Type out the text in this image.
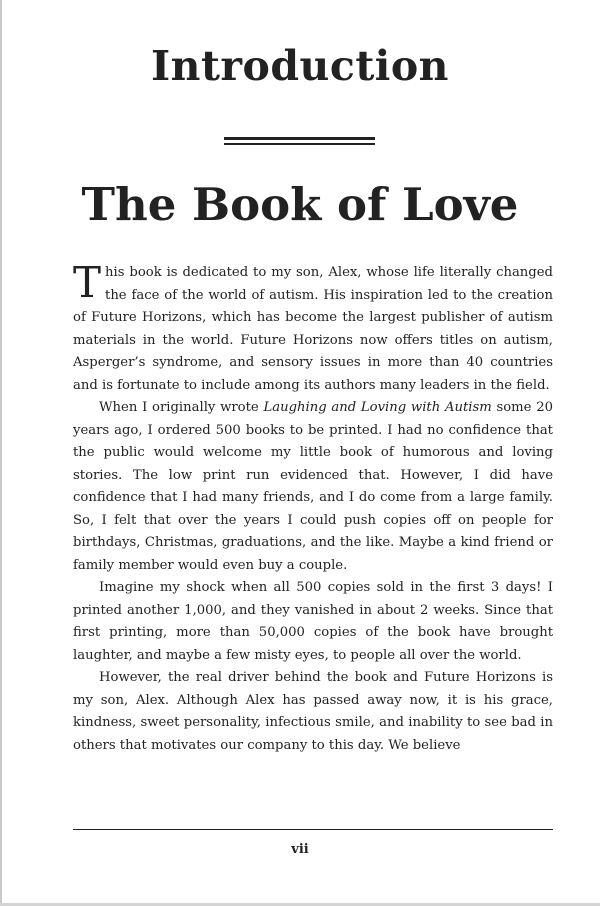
Introduction
The Book of Love

This book is dedicated to my son, Alex, whose life literally changed the face of the world of autism. His inspiration led to the creation of Future Horizons, which has become the largest publisher of autism materials in the world. Future Horizons now offers titles on autism, Asperger’s syndrome, and sensory issues in more than 40 countries and is fortunate to include among its authors many leaders in the field.

When I originally wrote Laughing and Loving with Autism some 20 years ago, I ordered 500 books to be printed. I had no confidence that the public would welcome my little book of humorous and loving stories. The low print run evidenced that. However, I did have confidence that I had many friends, and I do come from a large family. So, I felt that over the years I could push copies off on people for birthdays, Christmas, graduations, and the like. Maybe a kind friend or family member would even buy a couple.

Imagine my shock when all 500 copies sold in the first 3 days! I printed another 1,000, and they vanished in about 2 weeks. Since that first printing, more than 50,000 copies of the book have brought laughter, and maybe a few misty eyes, to people all over the world.

However, the real driver behind the book and Future Horizons is my son, Alex. Although Alex has passed away now, it is his grace, kindness, sweet personality, infectious smile, and inability to see bad in others that motivates our company to this day. We believe

vii
